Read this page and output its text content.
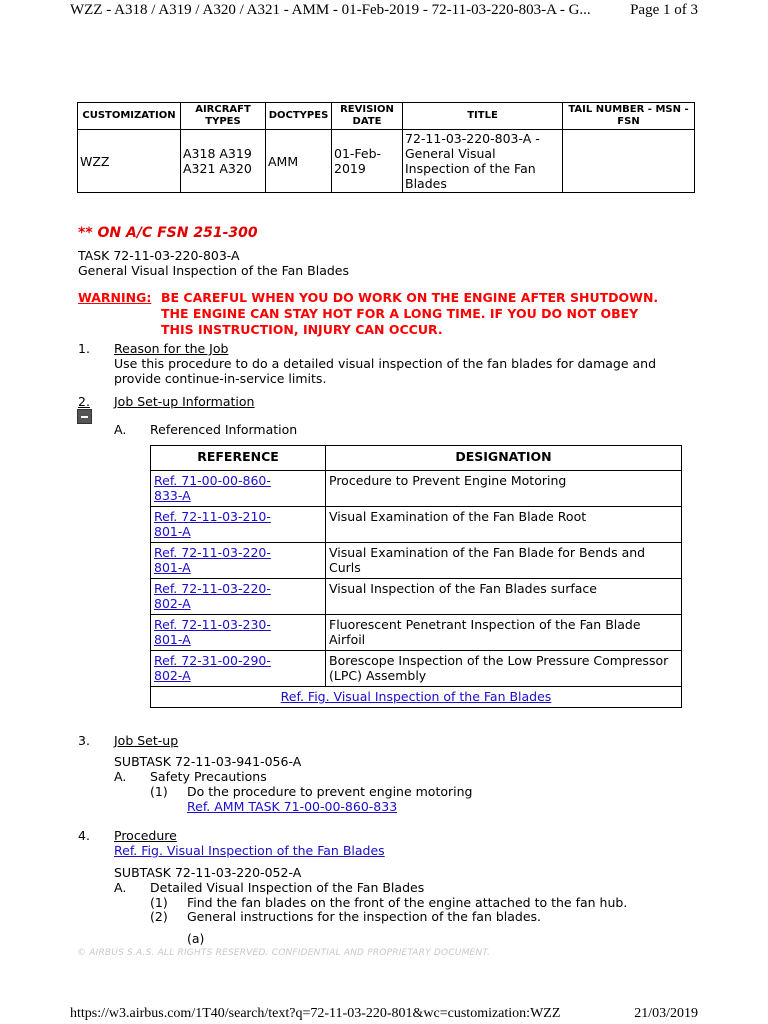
WZZ - A318 / A319 / A320 / A321 - AMM - 01-Feb-2019 - 72-11-03-220-803-A - G...	Page 1 of 3
CUSTOMIZATION	AIRCRAFT TYPES	DOCTYPES	REVISION DATE	TITLE	TAIL NUMBER - MSN - FSN
WZZ	A318 A319 A321 A320	AMM	01-Feb-2019	72-11-03-220-803-A - General Visual Inspection of the Fan Blades	
** ON A/C FSN 251-300
TASK 72-11-03-220-803-A
General Visual Inspection of the Fan Blades
WARNING: BE CAREFUL WHEN YOU DO WORK ON THE ENGINE AFTER SHUTDOWN.
THE ENGINE CAN STAY HOT FOR A LONG TIME. IF YOU DO NOT OBEY
THIS INSTRUCTION, INJURY CAN OCCUR.
1. Reason for the Job
Use this procedure to do a detailed visual inspection of the fan blades for damage and
provide continue-in-service limits.
2. Job Set-up Information
A. Referenced Information
REFERENCE	DESIGNATION
Ref. 71-00-00-860-
833-A	Procedure to Prevent Engine Motoring
Ref. 72-11-03-210-
801-A	Visual Examination of the Fan Blade Root
Ref. 72-11-03-220-
801-A	Visual Examination of the Fan Blade for Bends and Curls
Ref. 72-11-03-220-
802-A	Visual Inspection of the Fan Blades surface
Ref. 72-11-03-230-
801-A	Fluorescent Penetrant Inspection of the Fan Blade Airfoil
Ref. 72-31-00-290-
802-A	Borescope Inspection of the Low Pressure Compressor (LPC) Assembly
Ref. Fig. Visual Inspection of the Fan Blades	
3. Job Set-up
SUBTASK 72-11-03-941-056-A
A. Safety Precautions
(1) Do the procedure to prevent engine motoring
Ref. AMM TASK 71-00-00-860-833
4. Procedure
Ref. Fig. Visual Inspection of the Fan Blades
SUBTASK 72-11-03-220-052-A
A. Detailed Visual Inspection of the Fan Blades
(1) Find the fan blades on the front of the engine attached to the fan hub.
(2) General instructions for the inspection of the fan blades.
(a)
© AIRBUS S.A.S. ALL RIGHTS RESERVED. CONFIDENTIAL AND PROPRIETARY DOCUMENT.
https://w3.airbus.com/1T40/search/text?q=72-11-03-220-801&wc=customization:WZZ	21/03/2019
